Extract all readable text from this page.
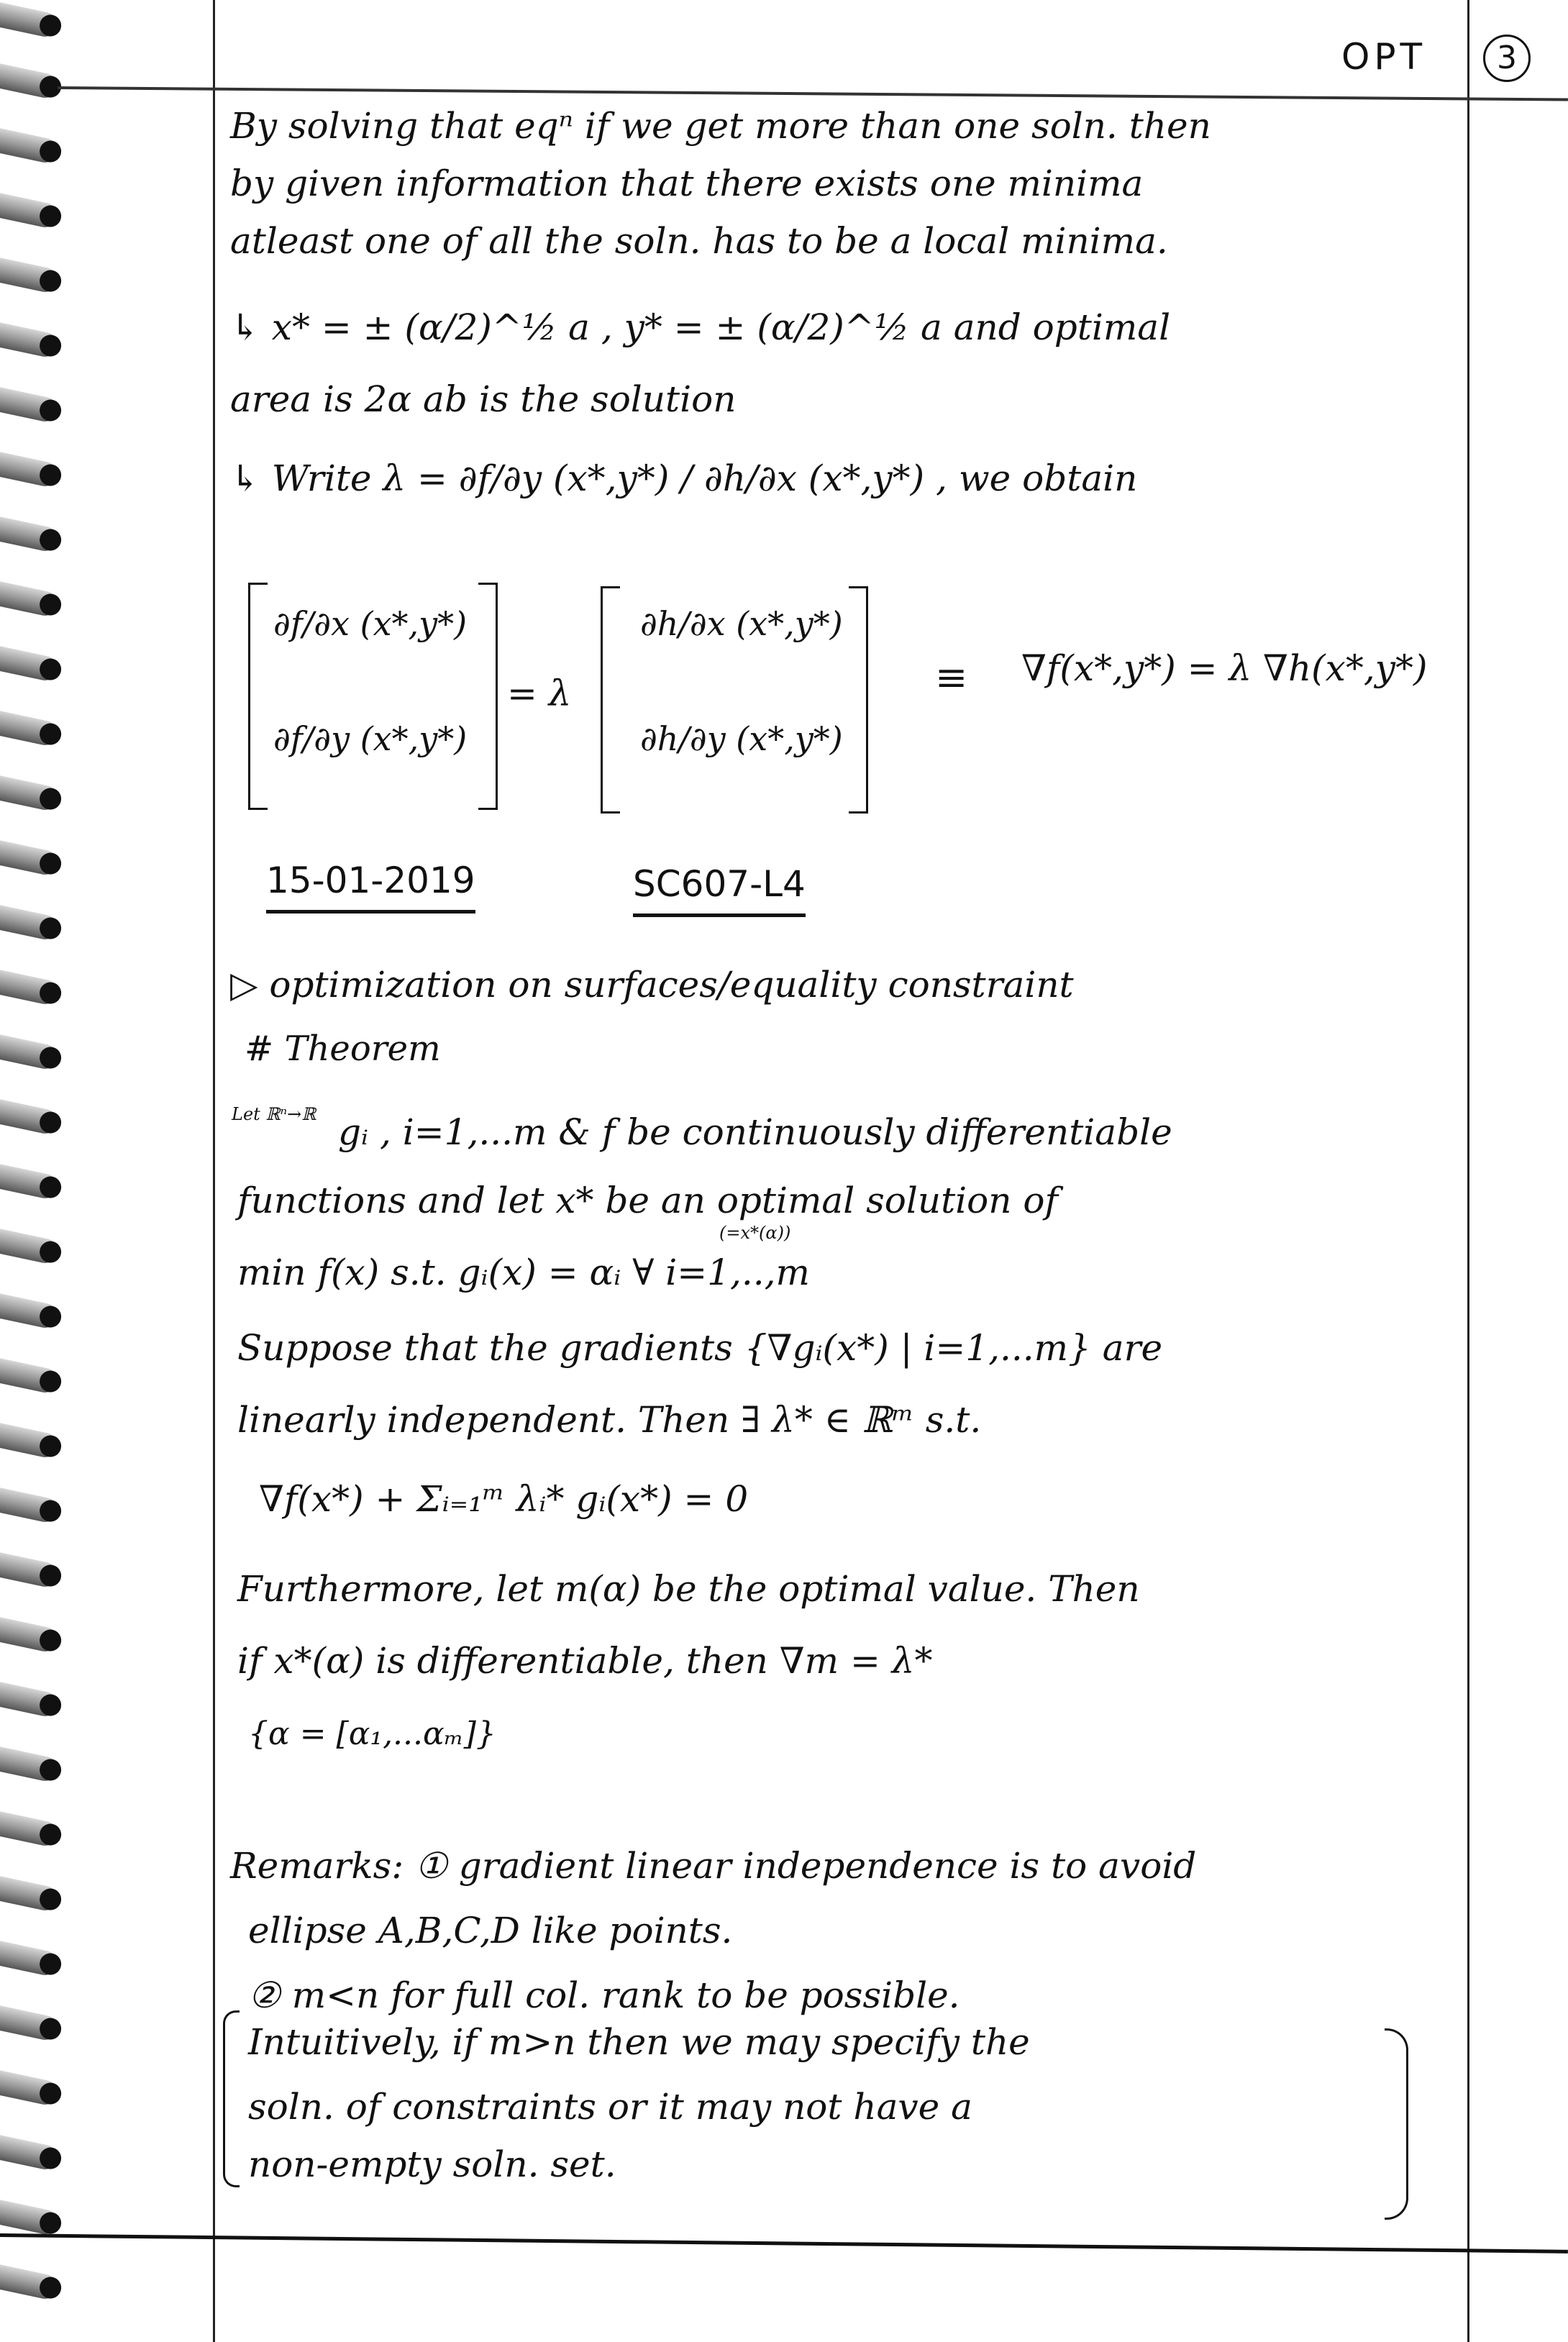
OPT	3
By solving that eqⁿ if we get more than one soln. then
by given information that there exists one minima
atleast one of all the soln. has to be a local minima.
↳ x* = ± (α/2)^½ a , y* = ± (α/2)^½ a and optimal
area is 2α ab is the solution
↳ Write λ = ∂f/∂y (x*,y*) / ∂h/∂x (x*,y*) , we obtain
∂f/∂x (x*,y*)
∂f/∂y (x*,y*)
= λ
∂h/∂x (x*,y*)
∂h/∂y (x*,y*)
≡ ∇f(x*,y*) = λ ∇h(x*,y*)
15-01-2019	SC607-L4
▷ optimization on surfaces/equality constraint
# Theorem
Let ℝⁿ→ℝ gᵢ , i=1,...m & f be continuously differentiable
functions and let x* be an optimal solution of
(=x*(α))
min f(x) s.t. gᵢ(x) = αᵢ ∀ i=1,..,m
Suppose that the gradients {∇gᵢ(x*) | i=1,...m} are
linearly independent. Then ∃ λ* ∈ ℝᵐ s.t.
∇f(x*) + Σᵢ₌₁ᵐ λᵢ* gᵢ(x*) = 0
Furthermore, let m(α) be the optimal value. Then
if x*(α) is differentiable, then ∇m = λ*
{α = [α₁,...αₘ]}
Remarks: ① gradient linear independence is to avoid
ellipse A,B,C,D like points.
② m<n for full col. rank to be possible.
Intuitively, if m>n then we may specify the
soln. of constraints or it may not have a
non-empty soln. set.
